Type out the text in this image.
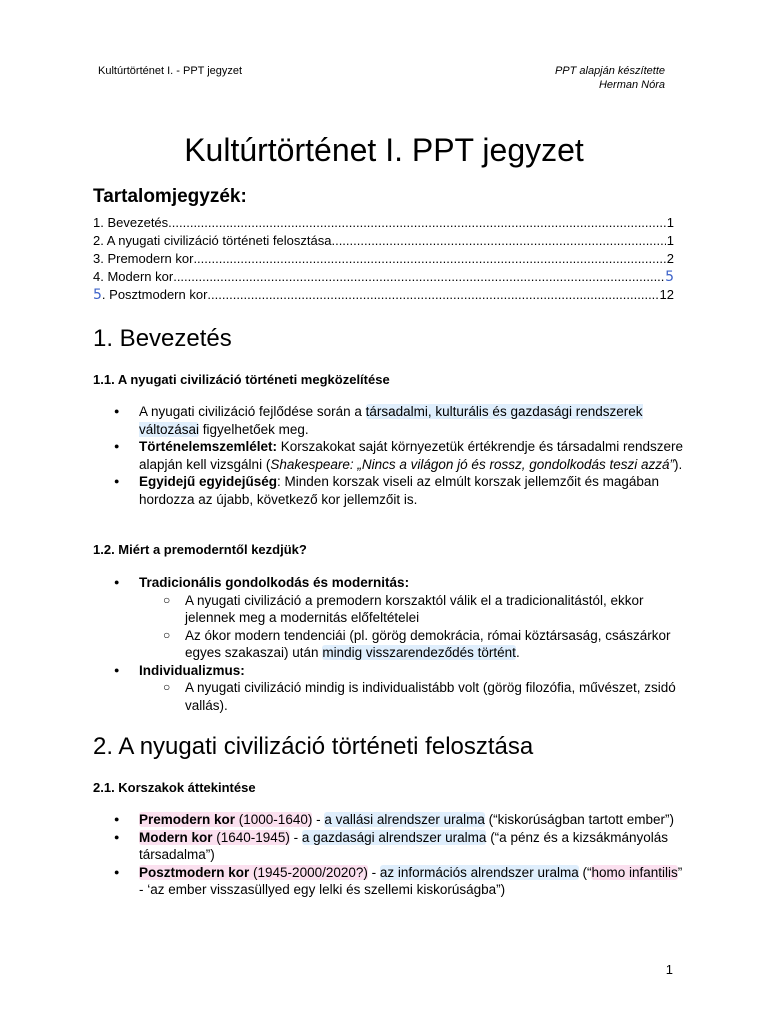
Kultúrtörténet I. - PPT jegyzet	PPT alapján készítette
Herman Nóra
Kultúrtörténet I. PPT jegyzet
Tartalomjegyzék:
1. Bevezetés .....	1
2. A nyugati civilizáció történeti felosztása .....	1
3. Premodern kor .....	2
4. Modern kor .....	5
5. Posztmodern kor .....	12
1. Bevezetés
1.1. A nyugati civilizáció történeti megközelítése
● A nyugati civilizáció fejlődése során a társadalmi, kulturális és gazdasági rendszerek változásai figyelhetőek meg.
● Történelemszemlélet: Korszakokat saját környezetük értékrendje és társadalmi rendszere alapján kell vizsgálni (Shakespeare: „Nincs a világon jó és rossz, gondolkodás teszi azzá”).
● Egyidejű egyidejűség: Minden korszak viseli az elmúlt korszak jellemzőit és magában hordozza az újabb, következő kor jellemzőit is.
1.2. Miért a premoderntől kezdjük?
● Tradicionális gondolkodás és modernitás:
○ A nyugati civilizáció a premodern korszaktól válik el a tradicionalitástól, ekkor jelennek meg a modernitás előfeltételei
○ Az ókor modern tendenciái (pl. görög demokrácia, római köztársaság, császárkor egyes szakaszai) után mindig visszarendeződés történt.
● Individualizmus:
○ A nyugati civilizáció mindig is individualistább volt (görög filozófia, művészet, zsidó vallás).
2. A nyugati civilizáció történeti felosztása
2.1. Korszakok áttekintése
● Premodern kor (1000-1640) - a vallási alrendszer uralma (“kiskorúságban tartott ember”)
● Modern kor (1640-1945) - a gazdasági alrendszer uralma (“a pénz és a kizsákmányolás társadalma”)
● Posztmodern kor (1945-2000/2020?) - az információs alrendszer uralma (“homo infantilis” - ‘az ember visszasüllyed egy lelki és szellemi kiskorúságba”)
1
